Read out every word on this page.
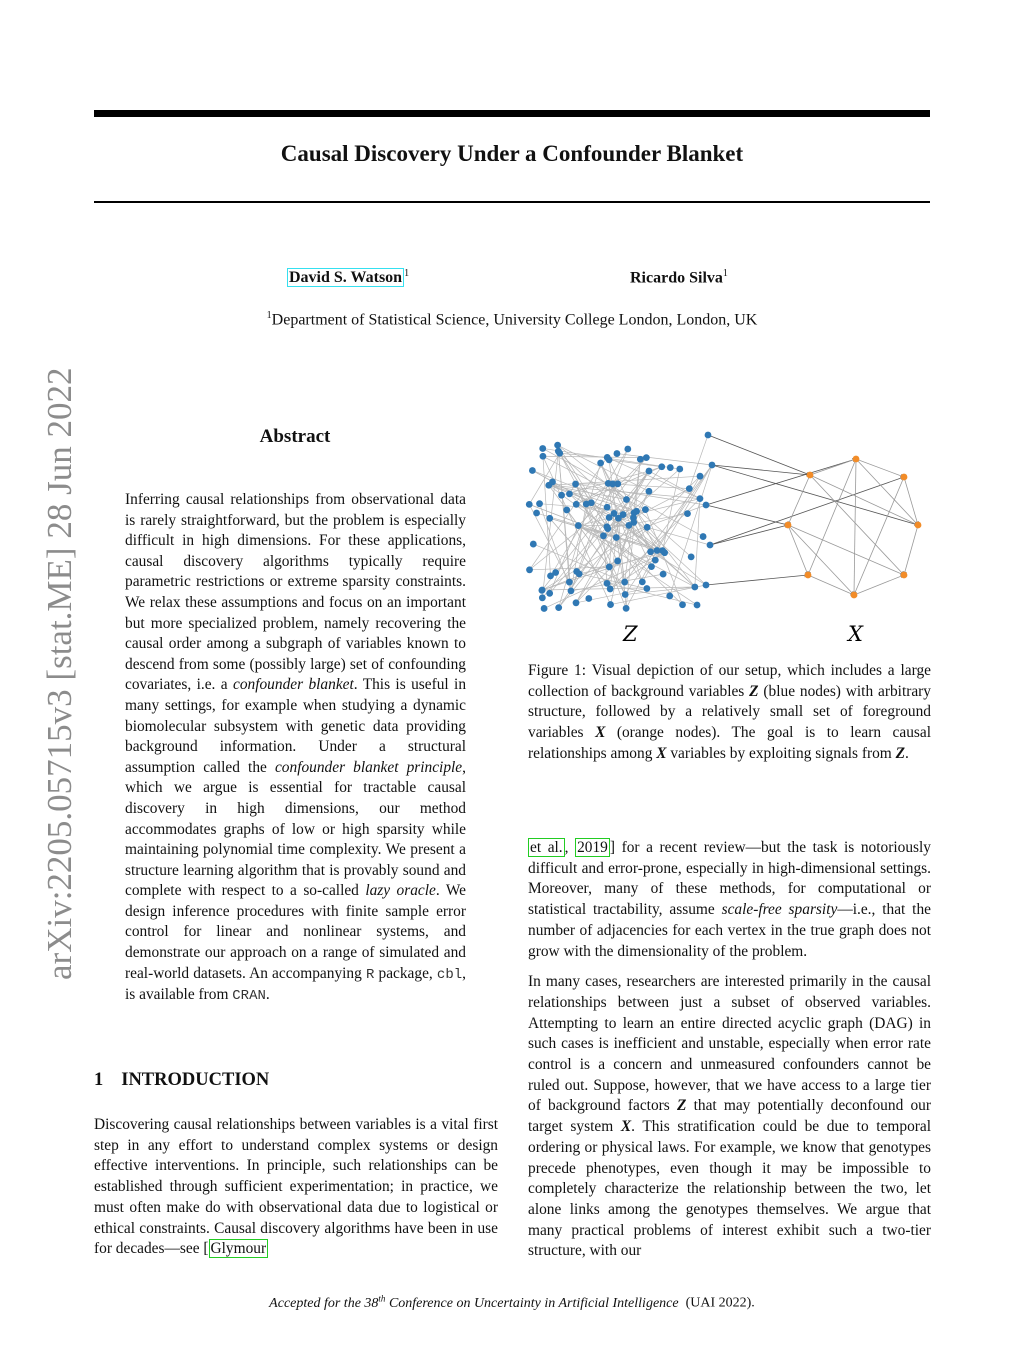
Causal Discovery Under a Confounder Blanket
David S. Watson $^1$	Ricardo Silva$^1$
$^1$Department of Statistical Science, University College London, London, UK
arXiv:2205.05715v3 [stat.ME] 28 Jun 2022	Abstract
Inferring causal relationships from observational data is rarely straightforward, but the problem is especially difficult in high dimensions. For these applications, causal discovery algorithms typically require parametric restrictions or extreme sparsity constraints. We relax these assumptions and focus on an important but more specialized problem, namely recovering the causal order among a subgraph of variables known to descend from some (possibly large) set of confounding covariates, i.e. a confounder blanket. This is useful in many settings, for example when studying a dynamic biomolecular subsystem with genetic data providing background information. Under a structural assumption called the confounder blanket principle, which we argue is essential for tractable causal discovery in high dimensions, our method accommodates graphs of low or high sparsity while maintaining polynomial time complexity. We present a structure learning algorithm that is provably sound and complete with respect to a so-called lazy oracle. We design inference procedures with finite sample error control for linear and nonlinear systems, and demonstrate our approach on a range of simulated and real-world datasets. An accompanying R package, cbl, is available from CRAN.
1 INTRODUCTION
Discovering causal relationships between variables is a vital first step in any effort to understand complex systems or design effective interventions. In principle, such relationships can be established through sufficient experimentation; in practice, we must often make do with observational data due to logistical or ethical constraints. Causal discovery algorithms have been in use for decades—see [ Glymour
Z	X
Figure 1: Visual depiction of our setup, which includes a large collection of background variables Z (blue nodes) with arbitrary structure, followed by a relatively small set of foreground variables X (orange nodes). The goal is to learn causal relationships among X variables by exploiting signals from Z.

et al. , 2019 ] for a recent review—but the task is notoriously difficult and error-prone, especially in high-dimensional settings. Moreover, many of these methods, for computational or statistical tractability, assume scale-free sparsity—i.e., that the number of adjacencies for each vertex in the true graph does not grow with the dimensionality of the problem.

In many cases, researchers are interested primarily in the causal relationships between just a subset of observed variables. Attempting to learn an entire directed acyclic graph (DAG) in such cases is inefficient and unstable, especially when error rate control is a concern and unmeasured confounders cannot be ruled out. Suppose, however, that we have access to a large tier of background factors Z that may potentially deconfound our target system X. This stratification could be due to temporal ordering or physical laws. For example, we know that genotypes precede phenotypes, even though it may be impossible to completely characterize the relationship between the two, let alone links among the genotypes themselves. We argue that many practical problems of interest exhibit such a two-tier structure, with our

Accepted for the 38th Conference on Uncertainty in Artificial Intelligence (UAI 2022).
